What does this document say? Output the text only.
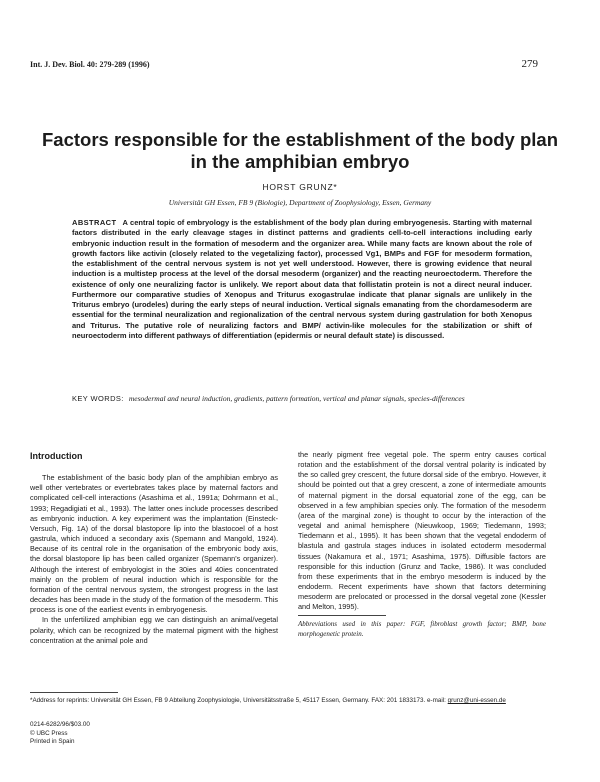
Int. J. Dev. Biol. 40: 279-289 (1996)	279
Factors responsible for the establishment of the body plan in the amphibian embryo
HORST GRUNZ*
Universität GH Essen, FB 9 (Biologie), Department of Zoophysiology, Essen, Germany

ABSTRACT A central topic of embryology is the establishment of the body plan during embryogenesis. Starting with maternal factors distributed in the early cleavage stages in distinct patterns and gradients cell-to-cell interactions including early embryonic induction result in the formation of mesoderm and the organizer area. While many facts are known about the role of growth factors like activin (closely related to the vegetalizing factor), processed Vg1, BMPs and FGF for mesoderm formation, the establishment of the central nervous system is not yet well understood. However, there is growing evidence that neural induction is a multistep process at the level of the dorsal mesoderm (organizer) and the reacting neuroectoderm. Therefore the existence of only one neuralizing factor is unlikely. We report about data that follistatin protein is not a direct neural inducer. Furthermore our comparative studies of Xenopus and Triturus exogastrulae indicate that planar signals are unlikely in the Triturus embryo (urodeles) during the early steps of neural induction. Vertical signals emanating from the chordamesoderm are essential for the terminal neuralization and regionalization of the central nervous system during gastrulation for both Xenopus and Triturus. The putative role of neuralizing factors and BMP/ activin-like molecules for the stabilization or shift of neuroectoderm into different pathways of differentiation (epidermis or neural default state) is discussed.

KEY WORDS: mesodermal and neural induction, gradients, pattern formation, vertical and planar signals, species-differences

Introduction

The establishment of the basic body plan of the amphibian embryo as well other vertebrates or evertebrates takes place by maternal factors and complicated cell-cell interactions (Asashima et al., 1991a; Dohrmann et al., 1993; Regadigiati et al., 1993). The latter ones include processes described as embryonic induction. A key experiment was the implantation (Einsteck-Versuch, Fig. 1A) of the dorsal blastopore lip into the blastocoel of a host gastrula, which induced a secondary axis (Spemann and Mangold, 1924). Because of its central role in the organisation of the embryonic body axis, the dorsal blastopore lip has been called organizer (Spemann's organizer). Although the interest of embryologist in the 30ies and 40ies concentrated mainly on the problem of neural induction which is responsible for the formation of the central nervous system, the strongest progress in the last decades has been made in the study of the formation of the mesoderm. This process is one of the earliest events in embryogenesis.

In the unfertilized amphibian egg we can distinguish an animal/vegetal polarity, which can be recognized by the maternal pigment with the highest concentration at the animal pole and

the nearly pigment free vegetal pole. The sperm entry causes cortical rotation and the establishment of the dorsal ventral polarity is indicated by the so called grey crescent, the future dorsal side of the embryo. However, it should be pointed out that a grey crescent, a zone of intermediate amounts of maternal pigment in the dorsal equatorial zone of the egg, can be observed in a few amphibian species only. The formation of the mesoderm (area of the marginal zone) is thought to occur by the interaction of the vegetal and animal hemisphere (Nieuwkoop, 1969; Tiedemann, 1993; Tiedemann et al., 1995). It has been shown that the vegetal endoderm of blastula and gastrula stages induces in isolated ectoderm mesodermal tissues (Nakamura et al., 1971; Asashima, 1975). Diffusible factors are responsible for this induction (Grunz and Tacke, 1986). It was concluded from these experiments that in the embryo mesoderm is induced by the endoderm. Recent experiments have shown that factors determining mesoderm are prelocated or processed in the dorsal vegetal zone (Kessler and Melton, 1995).

Abbreviations used in this paper: FGF, fibroblast growth factor; BMP, bone morphogenetic protein.

*Address for reprints: Universität GH Essen, FB 9 Abteilung Zoophysiologie, Universitätsstraße 5, 45117 Essen, Germany. FAX: 201 1833173. e-mail: grunz@uni-essen.de
0214-6282/96/$03.00
© UBC Press
Printed in Spain
